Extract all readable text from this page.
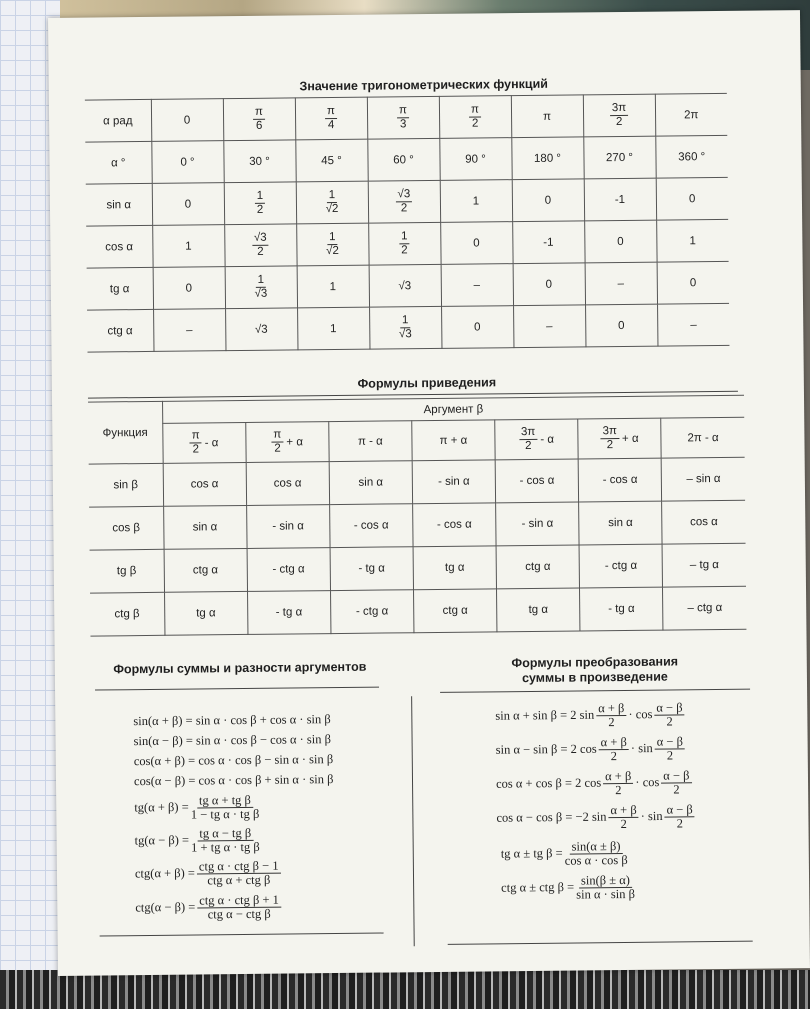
Значение тригонометрических функций
α рад	0	$\frac{\pi}{6}$	$\frac{\pi}{4}$	$\frac{\pi}{3}$	$\frac{\pi}{2}$	π	$\frac{3\pi}{2}$	2π
α °	0 °	30 °	45 °	60 °	90 °	180 °	270 °	360 °
sin α	0	$\frac{1}{2}$	$\frac{1}{√2}$	$\frac{√3}{2}$	1	0	-1	0
cos α	1	$\frac{√3}{2}$	$\frac{1}{√2}$	$\frac{1}{2}$	0	-1	0	1
tg α	0	$\frac{1}{√3}$	1	√3	–	0	–	0
ctg α	–	√3	1	$\frac{1}{√3}$	0	–	0	–
Формулы приведения
Функция	Аргумент β						

	$\frac{\pi}{2}$ - α	$\frac{\pi}{2} + \alpha$	π - α	π + α	$\frac{3\pi}{2}$ - α	$\frac{3\pi}{2} + \alpha$	2π - α
sin β	cos α	cos α	sin α	- sin α	- cos α	- cos α	– sin α
cos β	sin α	- sin α	- cos α	- cos α	- sin α	sin α	cos α
tg β	ctg α	- ctg α	- tg α	tg α	ctg α	- ctg α	– tg α
ctg β	tg α	- tg α	- ctg α	ctg α	tg α	- tg α	– ctg α
Формулы суммы и разности аргументов
sin(α + β) = sin α · cos β + cos α · sin β
sin(α − β) = sin α · cos β − cos α · sin β
cos(α + β) = cos α · cos β − sin α · sin β
cos(α − β) = cos α · cos β + sin α · sin β
$tg(\alpha + \beta) = \frac{\text{tg α + tg β}}{\text{1 − tg α · tg β}}$
$tg(\alpha - \beta) = \frac{\text{tg α − tg β}}{\text{1 + tg α · tg β}}$
ctg(α + β) = ctg α · ctg β − 1
ctg α + ctg β
ctg(α − β) = ctg α · ctg β + 1
ctg α − ctg β
Формулы преобразования
суммы в произведение
sin α + sin β = 2 $\sin \frac{\alpha + \beta}{2} \cdot \cos \frac{\alpha - \beta}{2}$
sin α − sin β = 2 $\cos \frac{\alpha + \beta}{2} \cdot \sin \frac{\alpha - \beta}{2}$
cos α + cos β = 2 $\cos \frac{\alpha + \beta}{2} \cdot \cos \frac{\alpha - \beta}{2}$
cos α − cos β = −2 $\sin \frac{\alpha + \beta}{2} \cdot \sin \frac{\alpha - \beta}{2}$
tg α ± tg $\beta = \frac{\sin(\alpha \pm \beta)}{\text{cos α · cos β}}$
ctg α ± ctg $\beta = \frac{\sin(\beta \pm \alpha)}{\text{sin α · sin β}}$
